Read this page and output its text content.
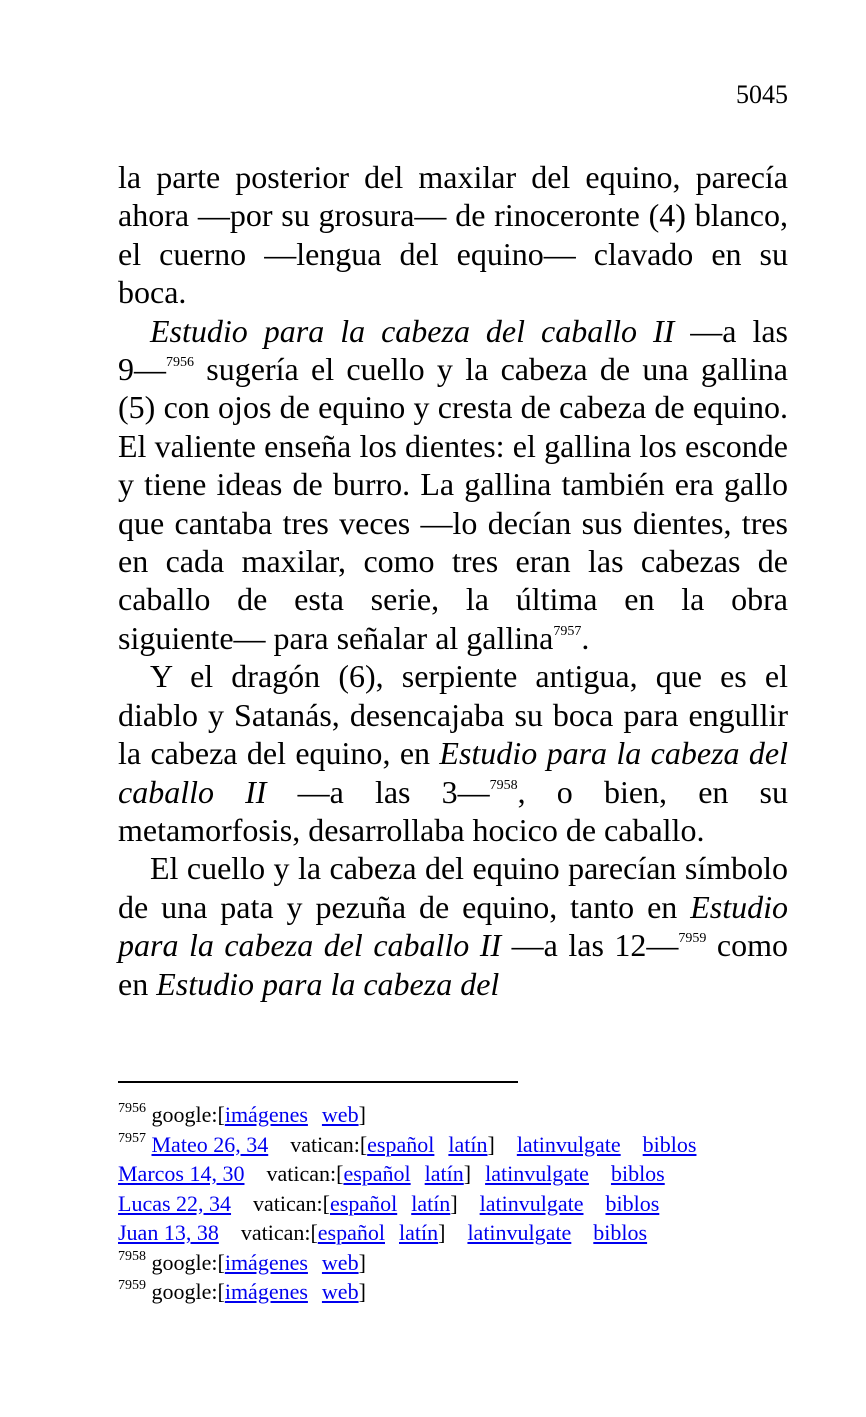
5045

la parte posterior del maxilar del equino, parecía ahora ―por su grosura― de rinoceronte (4) blanco, el cuerno ―lengua del equino― clavado en su boca.

Estudio para la cabeza del caballo II ―a las 9―$^{7956}$ sugería el cuello y la cabeza de una gallina (5) con ojos de equino y cresta de cabeza de equino. El valiente enseña los dientes: el gallina los esconde y tiene ideas de burro. La gallina también era gallo que cantaba tres veces ―lo decían sus dientes, tres en cada maxilar, como tres eran las cabezas de caballo de esta serie, la última en la obra siguiente― para señalar al gallina$^{7957}$.

Y el dragón (6), serpiente antigua, que es el diablo y Satanás, desencajaba su boca para engullir la cabeza del equino, en Estudio para la cabeza del caballo II ―a las 3―$^{7958}$, o bien, en su metamorfosis, desarrollaba hocico de caballo.

El cuello y la cabeza del equino parecían símbolo de una pata y pezuña de equino, tanto en Estudio para la cabeza del caballo II ―a las 12―$^{7959}$ como en Estudio para la cabeza del

$^{7956}$ google:[imágenes web]
$^{7957}$ Mateo 26, 34 vatican:[español latín] latinvulgate biblos
Marcos 14, 30 vatican:[español latín] latinvulgate biblos
Lucas 22, 34 vatican:[español latín] latinvulgate biblos
Juan 13, 38 vatican:[español latín] latinvulgate biblos
$^{7958}$ google:[imágenes web]
$^{7959}$ google:[imágenes web]
